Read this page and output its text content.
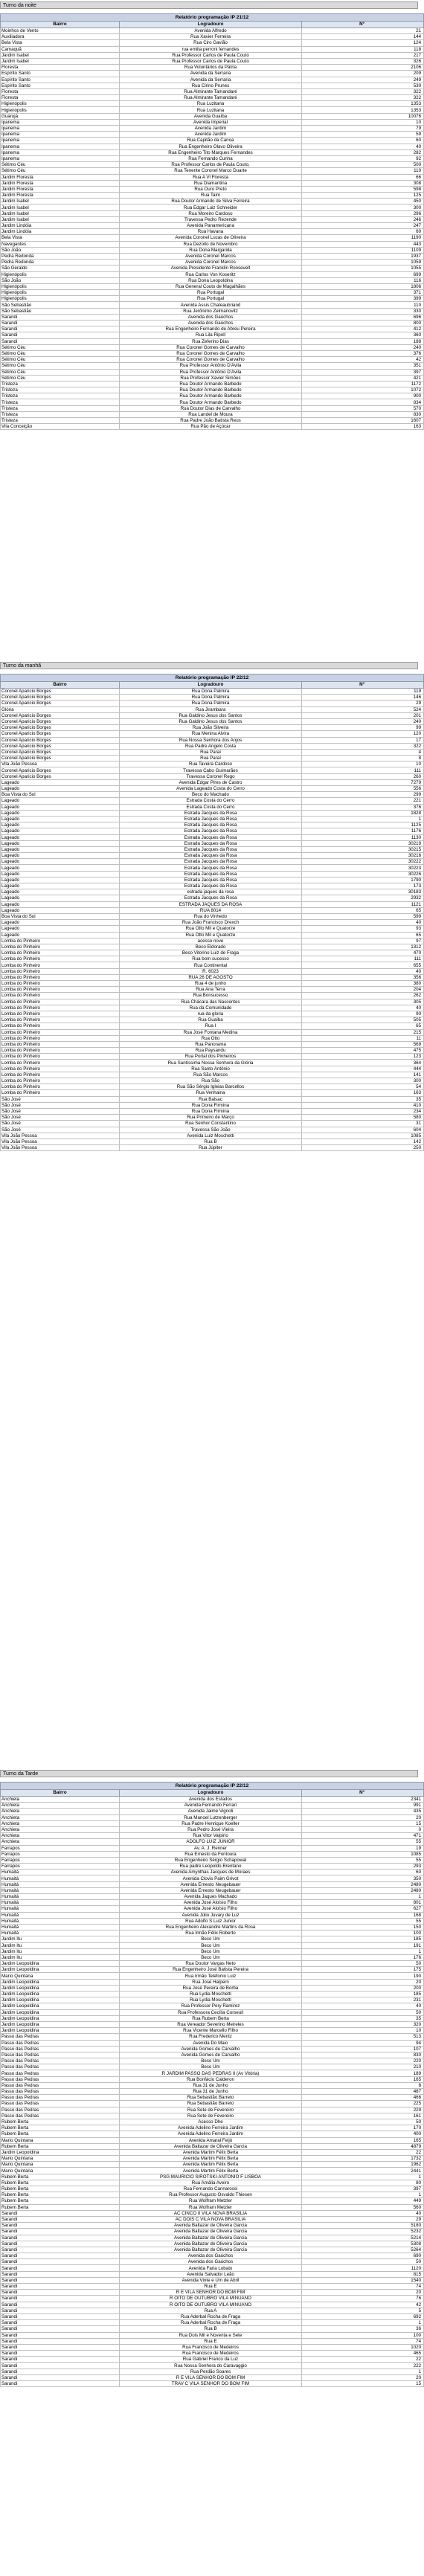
Turno da noite
Relatório programação IP 21/12		
Bairro	Logradouro	Nº
Moinhos de Vento	Avenida Alfredo	21
Auxiliadora	Rua Xavier Ferreira	144
Bela Vista	Rua Ciro Gavião	124
Camaquã	rua emilia perroni fernandes	118
Jardim Isabel	Rua Professor Carlos de Paula Couto	217
Jardim Isabel	Rua Professor Carlos de Paula Couto	326
Floresta	Rua Voluntários da Pátria	2106
Espírito Santo	Avenida da Serraria	209
Espírito Santo	Avenida da Serraria	249
Espírito Santo	Rua Cirino Prunes	530
Floresta	Rua Almirante Tamandaré	322
Floresta	Rua Almirante Tamandaré	322
Higienópolis	Rua Luzitana	1353
Higienópolis	Rua Luzitana	1353
Guarujá	Avenida Guaíba	10076
Ipanema	Avenida Imperial	10
Ipanema	Avenida Jardim	79
Ipanema	Avenida Jardim	59
Ipanema	Rua Capitão da Canoa	60
Ipanema	Rua Engenheiro Olavo Oliveira	40
Ipanema	Rua Engenheiro Tito Marques Fernandes	282
Ipanema	Rua Fernando Cunha	92
Sétimo Céu	Rua Professor Carlos de Paula Couto,	500
Sétimo Céu	Rua Tenente Coronel Marco Duarte	110
Jardim Floresta	Rua A Vl Floresta	66
Jardim Floresta	Rua Diamantina	308
Jardim Floresta	Rua Ouro Preto	598
Jardim Floresta	Rua Taim	125
Jardim Isabel	Rua Doutor Armando de Silva Ferreira	450
Jardim Isabel	Rua Edgar Luiz Schneider	300
Jardim Isabel	Rua Moreiro Cardoso	296
Jardim Isabel	Travessa Pedro Rezende	246
Jardim Lindóia	Avenida Panamericana	247
Jardim Lindóia	Rua Havana	60
Bela Vista	Avenida Coronel Lucas de Oliveira	1190
Navegantes	Rua Dezoito de Novembro	443
São João	Rua Dona Margarida	1109
Pedra Redonda	Avenida Coronel Marcos	1937
Pedra Redonda	Avenida Coronel Marcos	1059
São Geraldo	Avenida Presidente Franklin Roosevelt	1055
Higienópolis	Rua Carlos Von Koseritz	699
São João	Rua Dona Leopoldina	116
Higienópolis	Rua General Couto de Magalhães	1806
Higienópolis	Rua Portugal	371
Higienópolis	Rua Portugal	399
São Sebastião	Avenida Assis Chateaubriand	110
São Sebastião	Rua Jerônimo Zelmanovitz	330
Sarandi	Avenida dos Gaúchos	696
Sarandi	Avenida dos Gaúchos	800
Sarandi	Rua Engenheiro Fernando de Abreu Pereira	412
Sarandi	Rua Lila Ripoll	360
Sarandi	Rua Zeferino Dias	188
Sétimo Céu	Rua Coronel Gomes de Carvalho	240
Sétimo Céu	Rua Coronel Gomes de Carvalho	376
Sétimo Céu	Rua Coronel Gomes de Carvalho	42
Sétimo Céu	Rua Professor Antônio D'Ávila	351
Sétimo Céu	Rua Professor Antônio D'Ávila	397
Sétimo Céu	Rua Professor Xavier Simões	421
Tristeza	Rua Doutor Armando Barbedo	1172
Tristeza	Rua Doutor Armando Barbedo	1072
Tristeza	Rua Doutor Armando Barbedo	900
Tristeza	Rua Doutor Armando Barbedo	834
Tristeza	Rua Doutor Dias de Carvalho	570
Tristeza	Rua Landel de Moura	830
Tristeza	Rua Padre João Batista Reus	1607
Vila Conceição	Rua Pão de Açúcar	163
Turno da manhã
Relatório programação IP 22/12		
Bairro	Logradouro	Nº
Coronel Aparicio Borges	Rua Dona Palmira	119
Coronel Aparicio Borges	Rua Dona Palmira	146
Coronel Aparicio Borges	Rua Dona Palmira	29
Glória	Rua Jirambara	524
Coronel Aparicio Borges	Rua Galdino Jesus dos Santos	201
Coronel Aparicio Borges	Rua Galdino Jesus dos Santos	240
Coronel Aparicio Borges	Rua João Silveira	99
Coronel Aparicio Borges	Rua Menina Alvira	120
Coronel Aparicio Borges	Rua Nossa Senhora dos Anjos	17
Coronel Aparicio Borges	Rua Padre Angelo Costa	322
Coronel Aparicio Borges	Rua Paraí	4
Coronel Aparicio Borges	Rua Paraí	8
Vila João Pessoa	Rua Taveira Cardoso	10
Coronel Aparicio Borges	Travessa Cabo Guimarães	111
Coronel Aparicio Borges	Travessa Coronel Rego	260
Lageado	Avenida Edgar Pires de Castro	7279
Lageado	Avenida Lageado Costa do Cerro	556
Boa Vista do Sul	Beco do Machado	299
Lageado	Estrada Costa do Cerro	221
Lageado	Estrada Costa do Cerro	376
Lageado	Estrada Jacques da Rosa	1828
Lageado	Estrada Jacques da Rosa	1
Lageado	Estrada Jacques da Rosa	1125
Lageado	Estrada Jacques da Rosa	1176
Lageado	Estrada Jacques da Rosa	1130
Lageado	Estrada Jacques da Rosa	30219
Lageado	Estrada Jacques da Rosa	30215
Lageado	Estrada Jacques da Rosa	30216
Lageado	Estrada Jacques da Rosa	30222
Lageado	Estrada Jacques da Rosa	30223
Lageado	Estrada Jacques da Rosa	30226
Lageado	Estrada Jacques da Rosa	1790
Lageado	Estrada Jacques da Rosa	173
Lageado	estrada jaques da rosa	30183
Lageado	Estrada Jacques da Rosa	2932
Lageado	ESTRADA JAQUES DA ROSA	1121
Lageado	RUA 8014	65
Boa Vista do Sul	Rua do Vinhedo	599
Lageado	Rua João Francisco Drexch	40
Lageado	Rua Otto Mil e Quatorze	93
Lageado	Rua Otto Mil e Quatorze	65
Lomba do Pinheiro	acesso nove	97
Lomba do Pinheiro	Beco Eldorado	1312
Lomba do Pinheiro	Beco Vitorino Luiz de Fraga	470
Lomba do Pinheiro	Rua bom sucesso	111
Lomba do Pinheiro	Rua Continental	655
Lomba do Pinheiro	R. 6023	40
Lomba do Pinheiro	RUA 26 DE AGOSTO	356
Lomba do Pinheiro	Rua 4 de junho	380
Lomba do Pinheiro	Rua Ana Terra	204
Lomba do Pinheiro	Rua Bonsucesso	262
Lomba do Pinheiro	Rua Chácara das Nascentes	305
Lomba do Pinheiro	Rua da Comunidade	40
Lomba do Pinheiro	rua da gloria	90
Lomba do Pinheiro	Rua Guaíba	505
Lomba do Pinheiro	Rua I	65
Lomba do Pinheiro	Rua José Fontana Medina	215
Lomba do Pinheiro	Rua Otto	11
Lomba do Pinheiro	Rua Panorama	569
Lomba do Pinheiro	Rua Paysandu	475
Lomba do Pinheiro	Rua Portal dos Pinheiros	123
Lomba do Pinheiro	Rua Santíssima Nossa Senhora da Glória	364
Lomba do Pinheiro	Rua Santo Antônio	444
Lomba do Pinheiro	Rua São Marcos	141
Lomba do Pinheiro	Rua São	300
Lomba do Pinheiro	Rua São Sérgio Igleias Barcellos	54
Lomba do Pinheiro	Rua Venhaina	163
São José	Rua Balsac	35
São José	Rua Dona Firmina	410
São José	Rua Dona Firmina	234
São José	Rua Primeiro de Março	580
São José	Rua Senhor Constantino	31
São José	Travessa São João	604
Vila João Pessoa	Avenida Luiz Moschetti	1085
Vila João Pessoa	Rua B	142
Vila João Pessoa	Rua Júpiter	250
Turno da Tarde
Relatório programação IP 22/12		
Bairro	Logradouro	Nº
Anchieta	Avenida dos Estados	2341
Anchieta	Avenida Fernando Ferrari	991
Anchieta	Avenida Jaime Vignoli	435
Anchieta	Rua Manoel Lutzenberger	20
Anchieta	Rua Padre Henrique Koeller	15
Anchieta	Rua Pedro José Vieira	0
Anchieta	Rua Vitor Valpirio	471
Anchieta	ADOLFO LUIZ JUNIOR	55
Farrapos	Av. A. J. Renner	19
Farrapos	Rua Ernesto da Fontoura	1085
Farrapos	Rua Engenheiro Sérgio Schapowal	55
Farrapos	Rua padre Leopoldo Brentano	293
Humaitá	Avenida Amynthas Jacques de Moraes	60
Humaitá	Avenida Clovis Paim Grivot	350
Humaitá	Avenida Ernesto Neugebauer	2480
Humaitá	Avenida Ernesto Neugebauer	2480
Humaitá	Avenida Jaques Machado	1
Humaitá	Avenida José Aloísio Filho	801
Humaitá	Avenida José Aloísio Filho	627
Humaitá	Avenida Júlio Juvary de Luz	168
Humaitá	Rua Adolfo S Luiz Junior	55
Humaitá	Rua Engenheiro Alexandre Martins da Rosa	150
Humaitá	Rua Irmão Félix Roberto	100
Jardim Itu	Beco Um	185
Jardim Itu	Beco Um	191
Jardim Itu	Beco Um	1
Jardim Itu	Beco Um	176
Jardim Leopoldina	Rua Doutor Vargas Neto	50
Jardim Leopoldina	Rua Engenheiro José Batista Pereira	175
Mario Quintana	Rua Irmão Telefonio Luiz	190
Jardim Leopoldina	Rua José Halpern	20
Jardim Leopoldina	Rua José Pereira de Borba	200
Jardim Leopoldina	Rua Lydia Moschetti	185
Jardim Leopoldina	Rua Lydia Moschetti	231
Jardim Leopoldina	Rua Professor Pery Ramirez	40
Jardim Leopoldina	Rua Professora Cecília Corseuil	50
Jardim Leopoldina	Rua Rubem Berta	35
Jardim Leopoldina	Rua Vereador Severino Meireles	320
Jardim Leopoldina	Rua Vicente Marcello Filho	10
Passo das Pedras	Rua Frederico Mentz	513
Passo das Pedras	Avenida Do Maio	94
Passo das Pedras	Avenida Gomes de Carvalho	107
Passo das Pedras	Avenida Gomes de Carvalho	830
Passo das Pedras	Beco Um	220
Passo das Pedras	Beco Um	210
Passo das Pedras	R JARDIM PASSO DAS PEDRAS II (Av Vitória)	189
Passo das Pedras	Rua Bonfácio Calderon	165
Passo das Pedras	Rua 31 de Junho	8
Passo das Pedras	Rua 31 de Junho	487
Passo das Pedras	Rua Sebastião Barreto	466
Passo das Pedras	Rua Sebastião Barreto	225
Passo das Pedras	Rua Sete de Fevereiro	229
Passo das Pedras	Rua Sete de Fevereiro	161
Rubem Berta	Acesso Dhe	50
Rubem Berta	Avenida Adelino Ferreira Jardim	170
Rubem Berta	Avenida Adelino Ferreira Jardim	400
Mario Quintana	Avenida Amaral Feijó	165
Rubem Berta	Avenida Baltazar de Oliveira Garcia	4879
Jardim Leopoldina	Avenida Martim Félix Berta	22
Mario Quintana	Avenida Martim Félix Berta	1732
Mario Quintana	Avenida Martim Félix Berta	1962
Mario Quintana	Avenida Martim Félix Berta	2441
Rubem Berta	PSG MAURICIO SIROTSKI-ANTONIO F LISBOA	1
Rubem Berta	Rua Amália Aveiro	80
Rubem Berta	Rua Fernando Cannarossi	397
Rubem Berta	Rua Professor Augusto Osvaldo Thiesen	1
Rubem Berta	Rua Wolfram Metzler	449
Rubem Berta	Rua Wolfram Metzler	560
Sarandi	AC CINCO II VILA NOVA BRASÍLIA	40
Sarandi	AC DOIS C VILA NOVA BRASILIA	29
Sarandi	Avenida Baltazar de Oliveira Garcia	5180
Sarandi	Avenida Baltazar de Oliveira Garcia	5232
Sarandi	Avenida Baltazar de Oliveira Garcia	5214
Sarandi	Avenida Baltazar de Oliveira Garcia	5308
Sarandi	Avenida Baltazar de Oliveira Garcia	5264
Sarandi	Avenida dos Gaúchos	690
Sarandi	Avenida dos Gaúchos	50
Sarandi	Avenida Faria Lobato	1120
Sarandi	Avenida Salvador Leão	815
Sarandi	Avenida Vinte e Um de Abril	1540
Sarandi	Rua E	74
Sarandi	R E VILA SENHOR DO BOM FIM	20
Sarandi	R OITO DE OUTUBRO VILA MINUANO	76
Sarandi	R OITO DE OUTUBRO VILA MINUANO	42
Sarandi	Rua A	5
Sarandi	Rua Aderbal Rocha de Fraga	692
Sarandi	Rua Aderbal Rocha de Fraga	1
Sarandi	Rua B	36
Sarandi	Rua Dois Mil e Noventa e Sete	100
Sarandi	Rua E	74
Sarandi	Rua Francisco de Medeiros	1020
Sarandi	Rua Francisco de Medeiros	465
Sarandi	Rua Gabriel Franco da Luz	22
Sarandi	Rua Nossa Senhora do Caravaggio	222
Sarandi	Rua Perdão Soares	1
Sarandi	R E VILA SENHOR DO BOM FIM	20
Sarandi	TRAV C VILA SENHOR DO BOM FIM	15
